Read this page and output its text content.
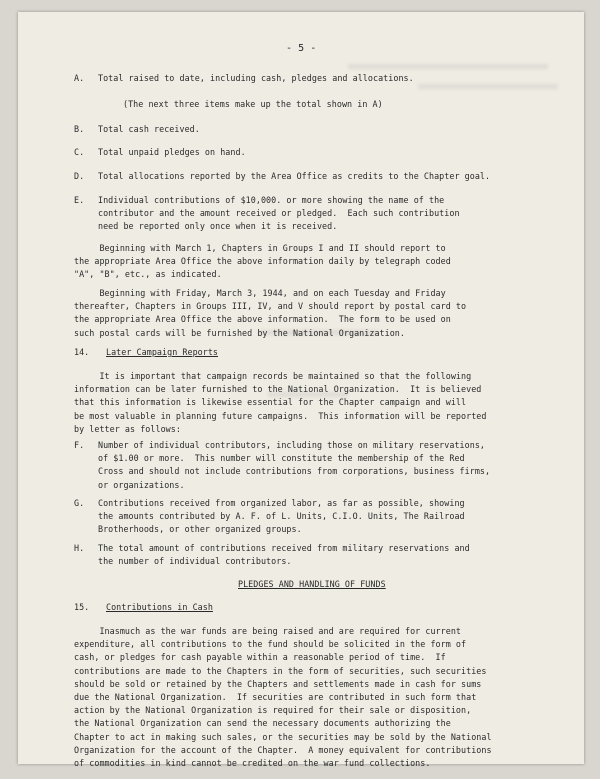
- 5 -
A. Total raised to date, including cash, pledges and allocations.
(The next three items make up the total shown in A)
B. Total cash received.
C. Total unpaid pledges on hand.
D. Total allocations reported by the Area Office as credits to the Chapter goal.
E. Individual contributions of $10,000. or more showing the name of the
contributor and the amount received or pledged.  Each such contribution
need be reported only once when it is received.
Beginning with March 1, Chapters in Groups I and II should report to
the appropriate Area Office the above information daily by telegraph coded
"A", "B", etc., as indicated.
Beginning with Friday, March 3, 1944, and on each Tuesday and Friday
thereafter, Chapters in Groups III, IV, and V should report by postal card to
the appropriate Area Office the above information.  The form to be used on
such postal cards will be furnished by the National Organization.
14. Later Campaign Reports
It is important that campaign records be maintained so that the following
information can be later furnished to the National Organization.  It is believed
that this information is likewise essential for the Chapter campaign and will
be most valuable in planning future campaigns.  This information will be reported
by letter as follows:
F. Number of individual contributors, including those on military reservations,
of $1.00 or more.  This number will constitute the membership of the Red
Cross and should not include contributions from corporations, business firms,
or organizations.
G. Contributions received from organized labor, as far as possible, showing
the amounts contributed by A. F. of L. Units, C.I.O. Units, The Railroad
Brotherhoods, or other organized groups.
H. The total amount of contributions received from military reservations and
the number of individual contributors.
PLEDGES AND HANDLING OF FUNDS
15. Contributions in Cash
Inasmuch as the war funds are being raised and are required for current
expenditure, all contributions to the fund should be solicited in the form of
cash, or pledges for cash payable within a reasonable period of time.  If
contributions are made to the Chapters in the form of securities, such securities
should be sold or retained by the Chapters and settlements made in cash for sums
due the National Organization.  If securities are contributed in such form that
action by the National Organization is required for their sale or disposition,
the National Organization can send the necessary documents authorizing the
Chapter to act in making such sales, or the securities may be sold by the National
Organization for the account of the Chapter.  A money equivalent for contributions
of commodities in kind cannot be credited on the war fund collections.
